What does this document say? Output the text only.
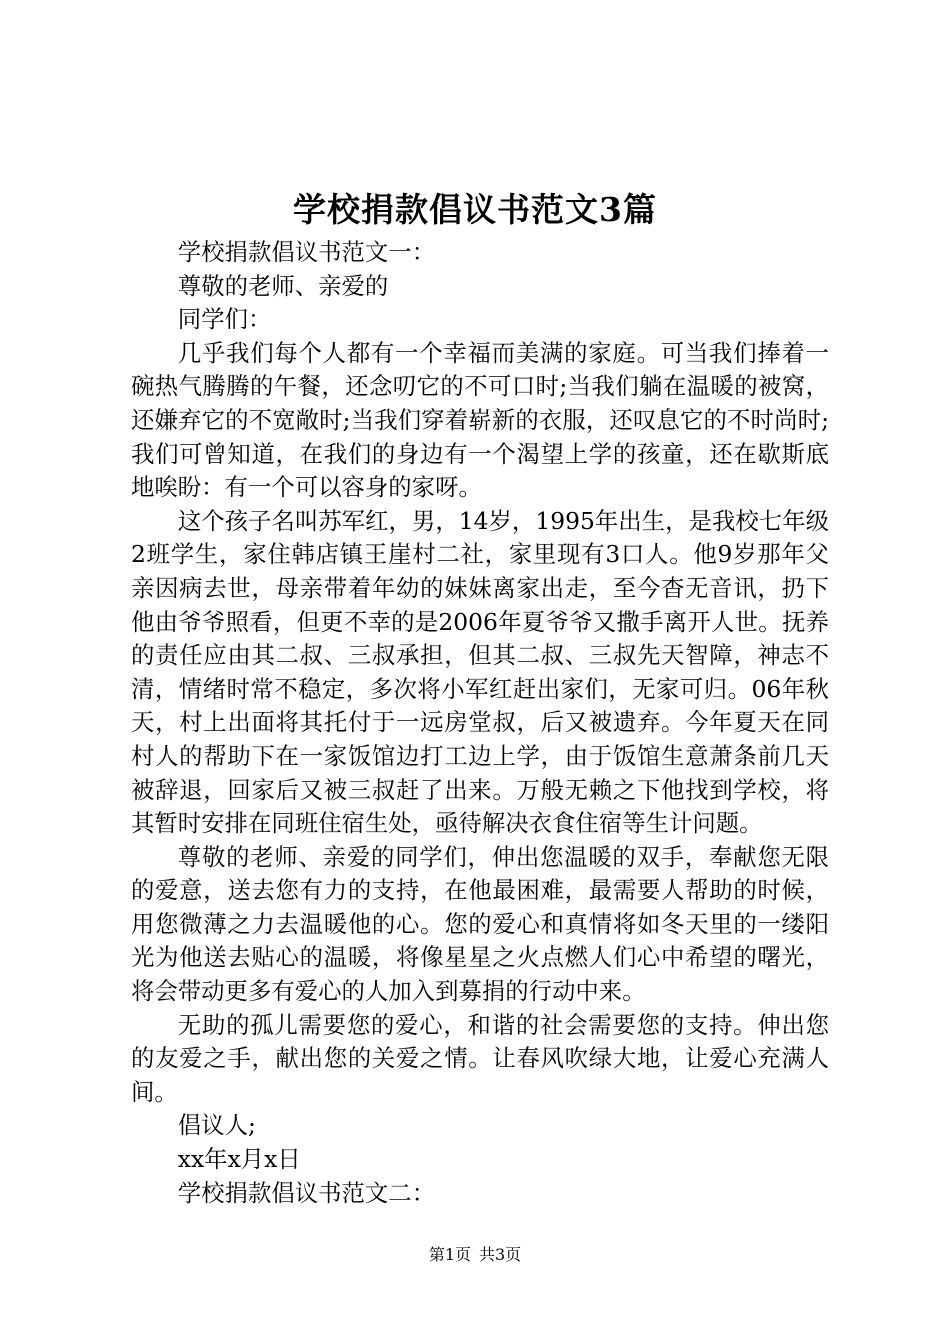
学校捐款倡议书范文3篇

学校捐款倡议书范文一：

尊敬的老师、亲爱的

同学们：

几乎我们每个人都有一个幸福而美满的家庭。可当我们捧着一碗热气腾腾的午餐，还念叨它的不可口时;当我们躺在温暖的被窝，还嫌弃它的不宽敞时;当我们穿着崭新的衣服，还叹息它的不时尚时;我们可曾知道，在我们的身边有一个渴望上学的孩童，还在歇斯底地唉盼：有一个可以容身的家呀。

这个孩子名叫苏军红，男，14岁，1995年出生，是我校七年级2班学生，家住韩店镇王崖村二社，家里现有3口人。他9岁那年父亲因病去世，母亲带着年幼的妹妹离家出走，至今杳无音讯，扔下他由爷爷照看，但更不幸的是2006年夏爷爷又撒手离开人世。抚养的责任应由其二叔、三叔承担，但其二叔、三叔先天智障，神志不清，情绪时常不稳定，多次将小军红赶出家们，无家可归。06年秋天，村上出面将其托付于一远房堂叔，后又被遗弃。今年夏天在同村人的帮助下在一家饭馆边打工边上学，由于饭馆生意萧条前几天被辞退，回家后又被三叔赶了出来。万般无赖之下他找到学校，将其暂时安排在同班住宿生处，亟待解决衣食住宿等生计问题。

尊敬的老师、亲爱的同学们，伸出您温暖的双手，奉献您无限的爱意，送去您有力的支持，在他最困难，最需要人帮助的时候，用您微薄之力去温暖他的心。您的爱心和真情将如冬天里的一缕阳光为他送去贴心的温暖，将像星星之火点燃人们心中希望的曙光，将会带动更多有爱心的人加入到募捐的行动中来。

无助的孤儿需要您的爱心，和谐的社会需要您的支持。伸出您的友爱之手，献出您的关爱之情。让春风吹绿大地，让爱心充满人间。

倡议人;

xx年x月x日

学校捐款倡议书范文二：

第1页 共3页
